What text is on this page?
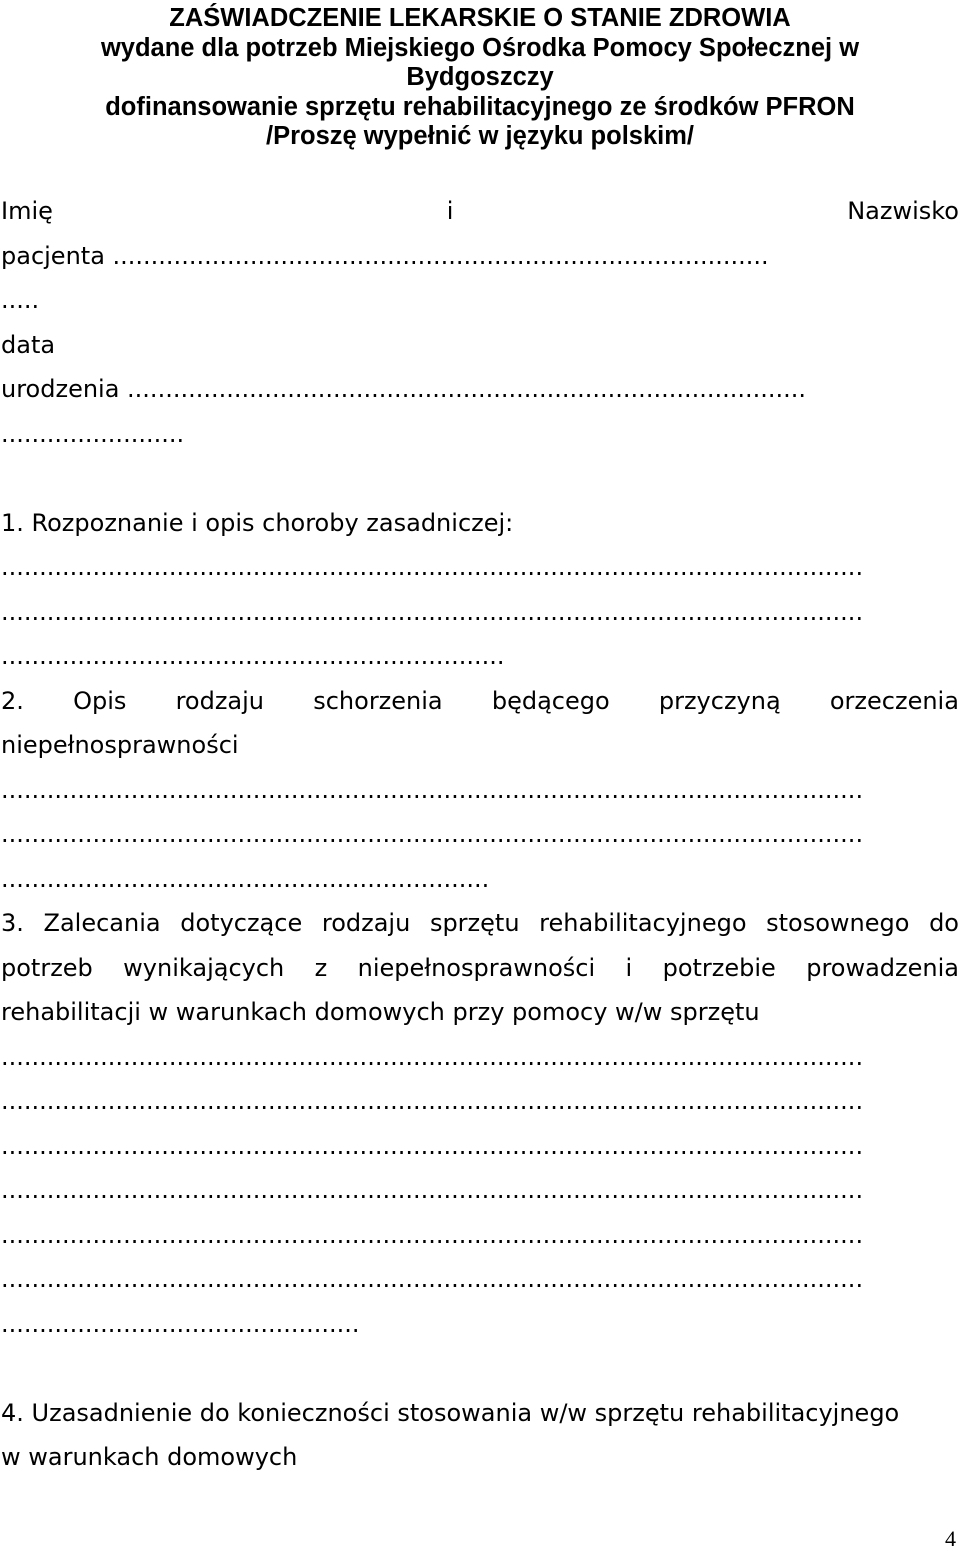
ZAŚWIADCZENIE LEKARSKIE O STANIE ZDROWIA
wydane dla potrzeb Miejskiego Ośrodka Pomocy Społecznej w
Bydgoszczy
dofinansowanie sprzętu rehabilitacyjnego ze środków PFRON
/Proszę wypełnić w języku polskim/
Imię	i	Nazwisko
pacjenta ......................................................................................
.....
data
urodzenia .........................................................................................
........................
1. Rozpoznanie i opis choroby zasadniczej:
.................................................................................................................
.................................................................................................................
..................................................................
2. Opis rodzaju schorzenia będącego przyczyną orzeczenia
niepełnosprawności
.................................................................................................................
.................................................................................................................
................................................................
3. Zalecania dotyczące rodzaju sprzętu rehabilitacyjnego stosownego do
potrzeb wynikających z niepełnosprawności i potrzebie prowadzenia
rehabilitacji w warunkach domowych przy pomocy w/w sprzętu
.................................................................................................................
.................................................................................................................
.................................................................................................................
.................................................................................................................
.................................................................................................................
.................................................................................................................
...............................................
4. Uzasadnienie do konieczności stosowania w/w sprzętu rehabilitacyjnego
w warunkach domowych
4
